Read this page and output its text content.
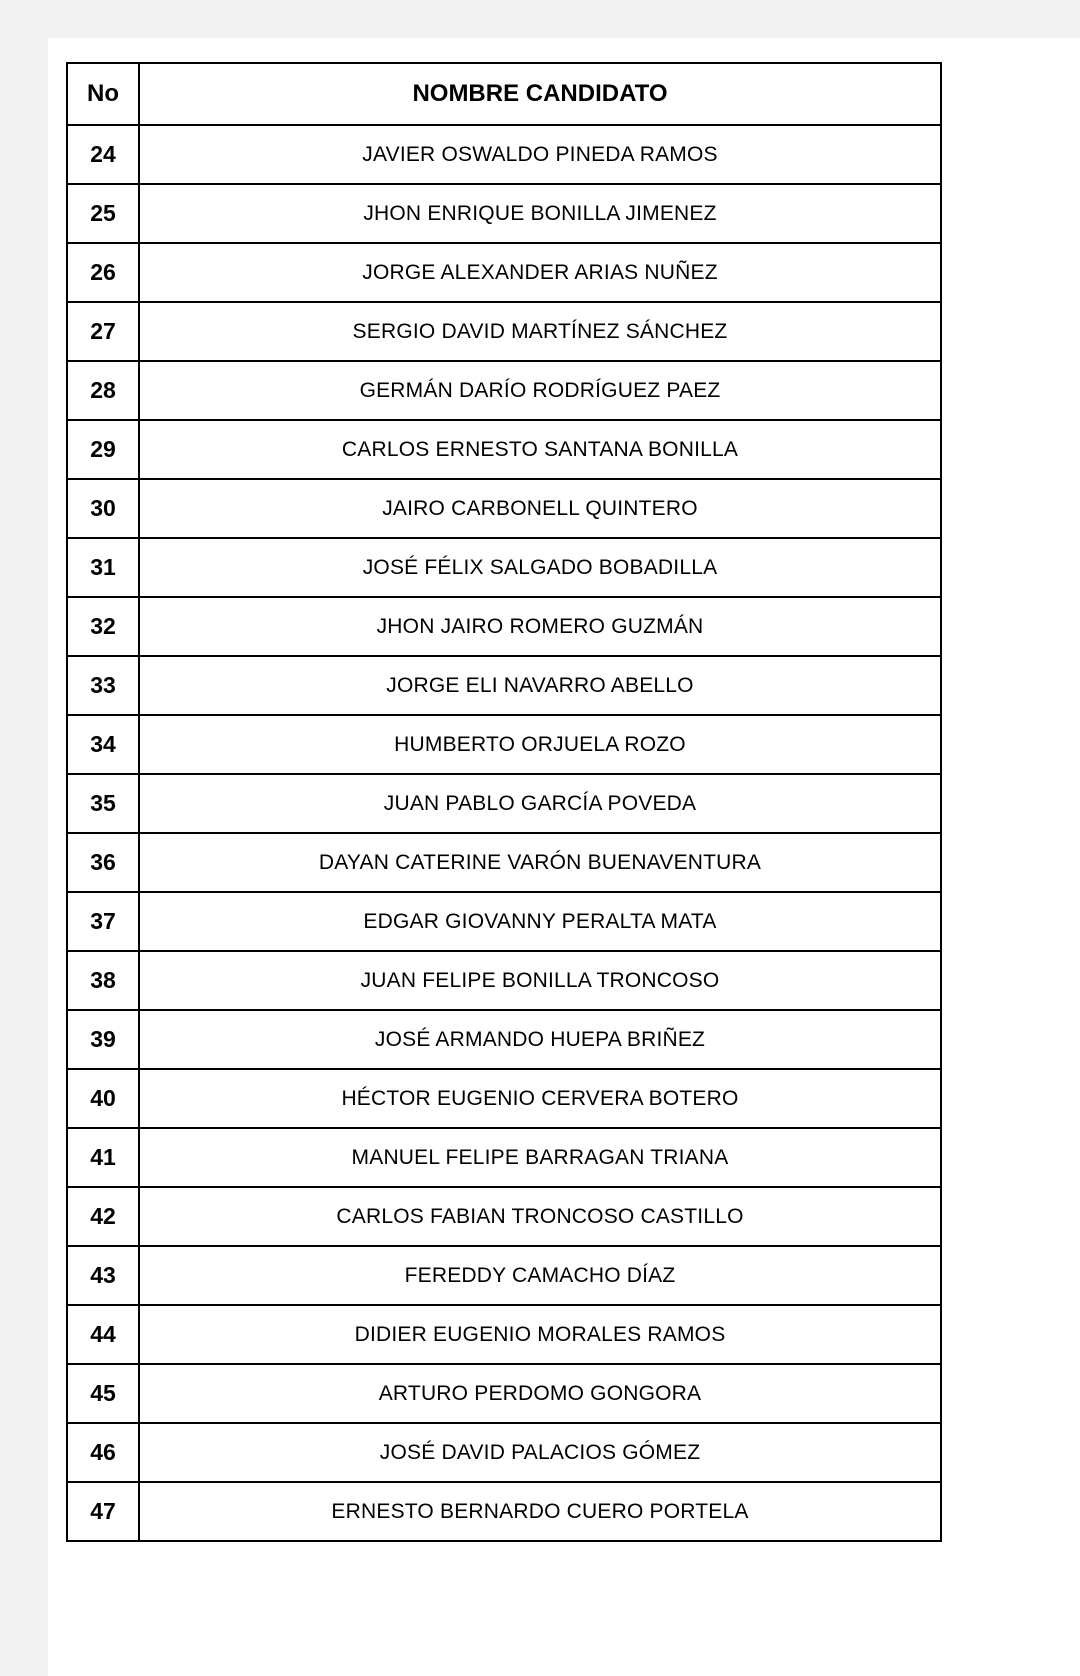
No	NOMBRE CANDIDATO
24	JAVIER OSWALDO PINEDA RAMOS
25	JHON ENRIQUE BONILLA JIMENEZ
26	JORGE ALEXANDER ARIAS NUÑEZ
27	SERGIO DAVID MARTÍNEZ SÁNCHEZ
28	GERMÁN DARÍO RODRÍGUEZ PAEZ
29	CARLOS ERNESTO SANTANA BONILLA
30	JAIRO CARBONELL QUINTERO
31	JOSÉ FÉLIX SALGADO BOBADILLA
32	JHON JAIRO ROMERO GUZMÁN
33	JORGE ELI NAVARRO ABELLO
34	HUMBERTO ORJUELA ROZO
35	JUAN PABLO GARCÍA POVEDA
36	DAYAN CATERINE VARÓN BUENAVENTURA
37	EDGAR GIOVANNY PERALTA MATA
38	JUAN FELIPE BONILLA TRONCOSO
39	JOSÉ ARMANDO HUEPA BRIÑEZ
40	HÉCTOR EUGENIO CERVERA BOTERO
41	MANUEL FELIPE BARRAGAN TRIANA
42	CARLOS FABIAN TRONCOSO CASTILLO
43	FEREDDY CAMACHO DÍAZ
44	DIDIER EUGENIO MORALES RAMOS
45	ARTURO PERDOMO GONGORA
46	JOSÉ DAVID PALACIOS GÓMEZ
47	ERNESTO BERNARDO CUERO PORTELA
